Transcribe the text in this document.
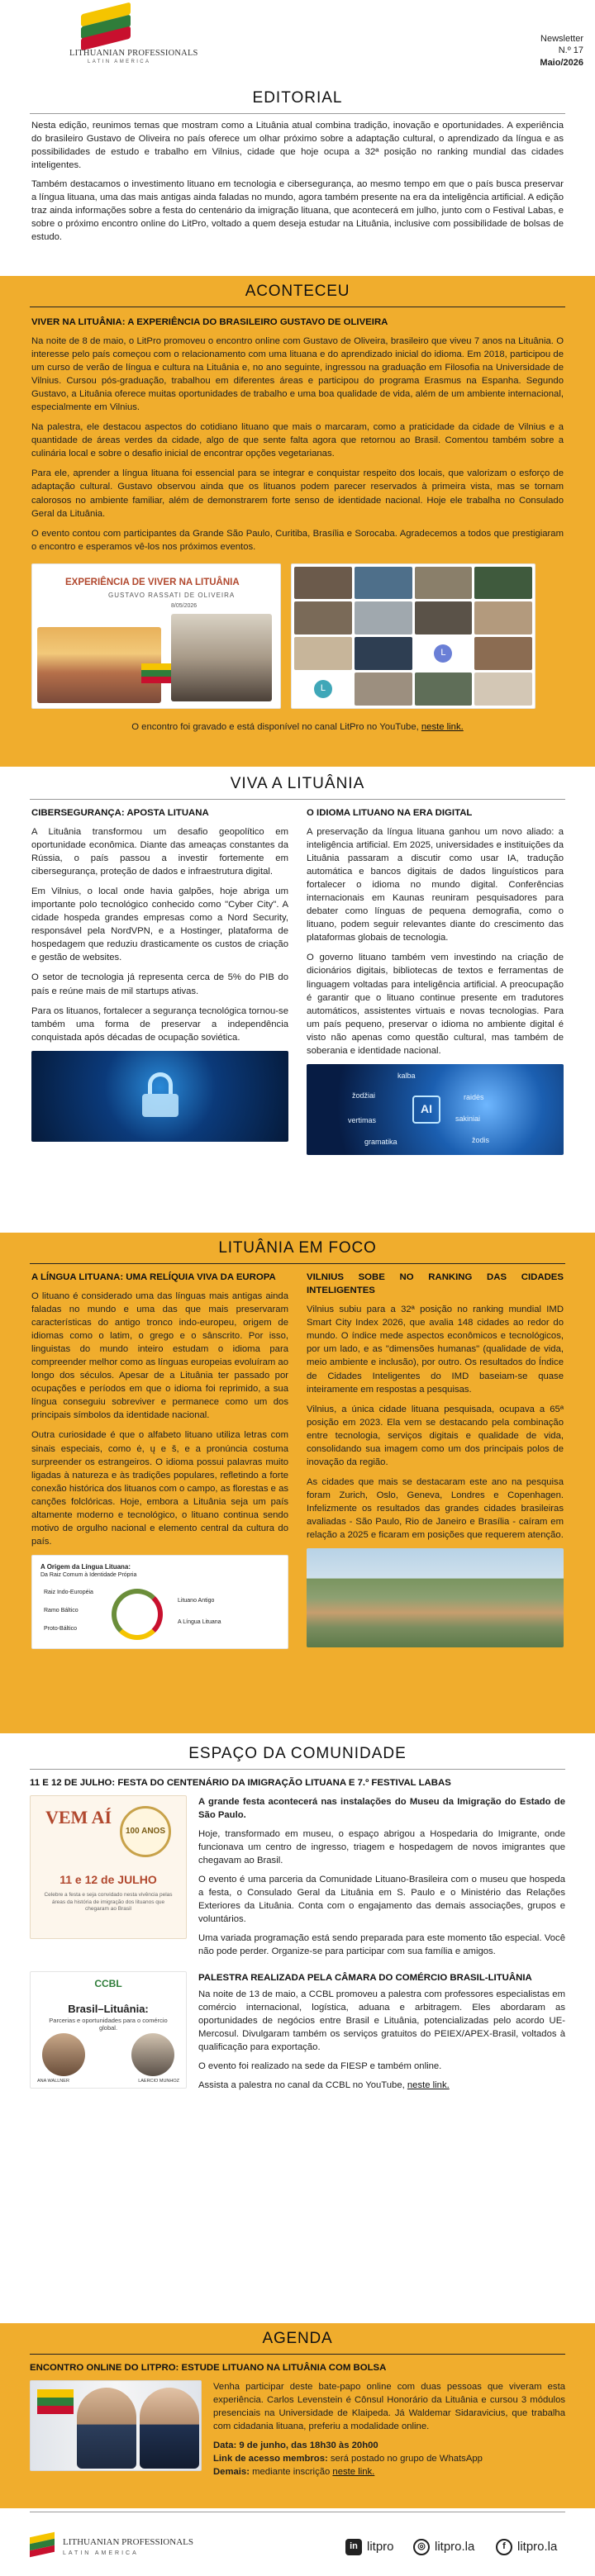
LITHUANIAN PROFESSIONALS
LATIN AMERICA
Newsletter
N.º 17
Maio/2026
EDITORIAL

Nesta edição, reunimos temas que mostram como a Lituânia atual combina tradição, inovação e oportunidades. A experiência do brasileiro Gustavo de Oliveira no país oferece um olhar próximo sobre a adaptação cultural, o aprendizado da língua e as possibilidades de estudo e trabalho em Vilnius, cidade que hoje ocupa a 32ª posição no ranking mundial das cidades inteligentes.

Também destacamos o investimento lituano em tecnologia e cibersegurança, ao mesmo tempo em que o país busca preservar a língua lituana, uma das mais antigas ainda faladas no mundo, agora também presente na era da inteligência artificial. A edição traz ainda informações sobre a festa do centenário da imigração lituana, que acontecerá em julho, junto com o Festival Labas, e sobre o próximo encontro online do LitPro, voltado a quem deseja estudar na Lituânia, inclusive com possibilidade de bolsas de estudo.

ACONTECEU
VIVER NA LITUÂNIA: A EXPERIÊNCIA DO BRASILEIRO GUSTAVO DE OLIVEIRA

Na noite de 8 de maio, o LitPro promoveu o encontro online com Gustavo de Oliveira, brasileiro que viveu 7 anos na Lituânia. O interesse pelo país começou com o relacionamento com uma lituana e do aprendizado inicial do idioma. Em 2018, participou de um curso de verão de língua e cultura na Lituânia e, no ano seguinte, ingressou na graduação em Filosofia na Universidade de Vilnius. Cursou pós-graduação, trabalhou em diferentes áreas e participou do programa Erasmus na Espanha. Segundo Gustavo, a Lituânia oferece muitas oportunidades de trabalho e uma boa qualidade de vida, além de um ambiente internacional, especialmente em Vilnius.

Na palestra, ele destacou aspectos do cotidiano lituano que mais o marcaram, como a praticidade da cidade de Vilnius e a quantidade de áreas verdes da cidade, algo de que sente falta agora que retornou ao Brasil. Comentou também sobre a culinária local e sobre o desafio inicial de encontrar opções vegetarianas.

Para ele, aprender a língua lituana foi essencial para se integrar e conquistar respeito dos locais, que valorizam o esforço de adaptação cultural. Gustavo observou ainda que os lituanos podem parecer reservados à primeira vista, mas se tornam calorosos no ambiente familiar, além de demonstrarem forte senso de identidade nacional. Hoje ele trabalha no Consulado Geral da Lituânia.

O evento contou com participantes da Grande São Paulo, Curitiba, Brasília e Sorocaba. Agradecemos a todos que prestigiaram o encontro e esperamos vê-los nos próximos eventos.

EXPERIÊNCIA DE VIVER NA LITUÂNIA
GUSTAVO RASSATI DE OLIVEIRA
8/05/2026
L
L
O encontro foi gravado e está disponível no canal LitPro no YouTube, neste link.
VIVA A LITUÂNIA
CIBERSEGURANÇA: APOSTA LITUANA

A Lituânia transformou um desafio geopolítico em oportunidade econômica. Diante das ameaças constantes da Rússia, o país passou a investir fortemente em cibersegurança, proteção de dados e infraestrutura digital.

Em Vilnius, o local onde havia galpões, hoje abriga um importante polo tecnológico conhecido como "Cyber City". A cidade hospeda grandes empresas como a Nord Security, responsável pela NordVPN, e a Hostinger, plataforma de hospedagem que reduziu drasticamente os custos de criação e gestão de websites.

O setor de tecnologia já representa cerca de 5% do PIB do país e reúne mais de mil startups ativas.

Para os lituanos, fortalecer a segurança tecnológica tornou-se também uma forma de preservar a independência conquistada após décadas de ocupação soviética.

O IDIOMA LITUANO NA ERA DIGITAL

A preservação da língua lituana ganhou um novo aliado: a inteligência artificial. Em 2025, universidades e instituições da Lituânia passaram a discutir como usar IA, tradução automática e bancos digitais de dados linguísticos para fortalecer o idioma no mundo digital. Conferências internacionais em Kaunas reuniram pesquisadores para debater como línguas de pequena demografia, como o lituano, podem seguir relevantes diante do crescimento das plataformas globais de tecnologia.

O governo lituano também vem investindo na criação de dicionários digitais, bibliotecas de textos e ferramentas de linguagem voltadas para inteligência artificial. A preocupação é garantir que o lituano continue presente em tradutores automáticos, assistentes virtuais e novas tecnologias. Para um país pequeno, preservar o idioma no ambiente digital é visto não apenas como questão cultural, mas também de soberania e identidade nacional.

kalba
žodžiai	raidės
vertimas	sakiniai
gramatika	žodis
AI
LITUÂNIA EM FOCO
A LÍNGUA LITUANA: UMA RELÍQUIA VIVA DA EUROPA

O lituano é considerado uma das línguas mais antigas ainda faladas no mundo e uma das que mais preservaram características do antigo tronco indo-europeu, origem de idiomas como o latim, o grego e o sânscrito. Por isso, linguistas do mundo inteiro estudam o idioma para compreender melhor como as línguas europeias evoluíram ao longo dos séculos. Apesar de a Lituânia ter passado por ocupações e períodos em que o idioma foi reprimido, a sua língua conseguiu sobreviver e permanece como um dos principais símbolos da identidade nacional.

Outra curiosidade é que o alfabeto lituano utiliza letras com sinais especiais, como ė, ų e š, e a pronúncia costuma surpreender os estrangeiros. O idioma possui palavras muito ligadas à natureza e às tradições populares, refletindo a forte conexão histórica dos lituanos com o campo, as florestas e as canções folclóricas. Hoje, embora a Lituânia seja um país altamente moderno e tecnológico, o lituano continua sendo motivo de orgulho nacional e elemento central da cultura do país.

A Origem da Língua Lituana:
Da Raiz Comum à Identidade Própria
Raiz Indo-Européia
Ramo Báltico
Proto-Báltico
Lituano Antigo
A Língua Lituana
VILNIUS SOBE NO RANKING DAS CIDADES INTELIGENTES

Vilnius subiu para a 32ª posição no ranking mundial IMD Smart City Index 2026, que avalia 148 cidades ao redor do mundo. O índice mede aspectos econômicos e tecnológicos, por um lado, e as "dimensões humanas" (qualidade de vida, meio ambiente e inclusão), por outro. Os resultados do Índice de Cidades Inteligentes do IMD baseiam-se quase inteiramente em respostas a pesquisas.

Vilnius, a única cidade lituana pesquisada, ocupava a 65ª posição em 2023. Ela vem se destacando pela combinação entre tecnologia, serviços digitais e qualidade de vida, consolidando sua imagem como um dos principais polos de inovação da região.

As cidades que mais se destacaram este ano na pesquisa foram Zurich, Oslo, Geneva, Londres e Copenhagen. Infelizmente os resultados das grandes cidades brasileiras avaliadas - São Paulo, Rio de Janeiro e Brasília - caíram em relação a 2025 e ficaram em posições que requerem atenção.

ESPAÇO DA COMUNIDADE
11 E 12 DE JULHO: FESTA DO CENTENÁRIO DA IMIGRAÇÃO LITUANA E 7.º FESTIVAL LABAS
VEM AÍ
100 ANOS
11 e 12 de JULHO
Celebre a festa e seja convidado nesta vivência pelas áreas da história de imigração dos lituanos que chegaram ao Brasil

A grande festa acontecerá nas instalações do Museu da Imigração do Estado de São Paulo.

Hoje, transformado em museu, o espaço abrigou a Hospedaria do Imigrante, onde funcionava um centro de ingresso, triagem e hospedagem de novos imigrantes que chegavam ao Brasil.

O evento é uma parceria da Comunidade Lituano-Brasileira com o museu que hospeda a festa, o Consulado Geral da Lituânia em S. Paulo e o Ministério das Relações Exteriores da Lituânia. Conta com o engajamento das demais associações, grupos e voluntários.

Uma variada programação está sendo preparada para este momento tão especial. Você não pode perder. Organize-se para participar com sua família e amigos.

CCBL
Brasil–Lituânia:
Parcerias e oportunidades para o comércio global.
ANA WALLNER	LAERCIO MUNHOZ
PALESTRA REALIZADA PELA CÂMARA DO COMÉRCIO BRASIL-LITUÂNIA

Na noite de 13 de maio, a CCBL promoveu a palestra com professores especialistas em comércio internacional, logística, aduana e arbitragem. Eles abordaram as oportunidades de negócios entre Brasil e Lituânia, potencializadas pelo acordo UE-Mercosul. Divulgaram também os serviços gratuitos do PEIEX/APEX-Brasil, voltados à qualificação para exportação.

O evento foi realizado na sede da FIESP e também online.

Assista a palestra no canal da CCBL no YouTube, neste link.

AGENDA
ENCONTRO ONLINE DO LITPRO: ESTUDE LITUANO NA LITUÂNIA COM BOLSA

Venha participar deste bate-papo online com duas pessoas que viveram esta experiência. Carlos Levenstein é Cônsul Honorário da Lituânia e cursou 3 módulos presenciais na Universidade de Klaipeda. Já Waldemar Sidaravicius, que trabalha com cidadania lituana, preferiu a modalidade online.

Data: 9 de junho, das 18h30 às 20h00
Link de acesso membros: será postado no grupo de WhatsApp
Demais: mediante inscrição neste link.
LITHUANIAN PROFESSIONALS
LATIN AMERICA
in litpro	◎ litpro.la	f litpro.la
